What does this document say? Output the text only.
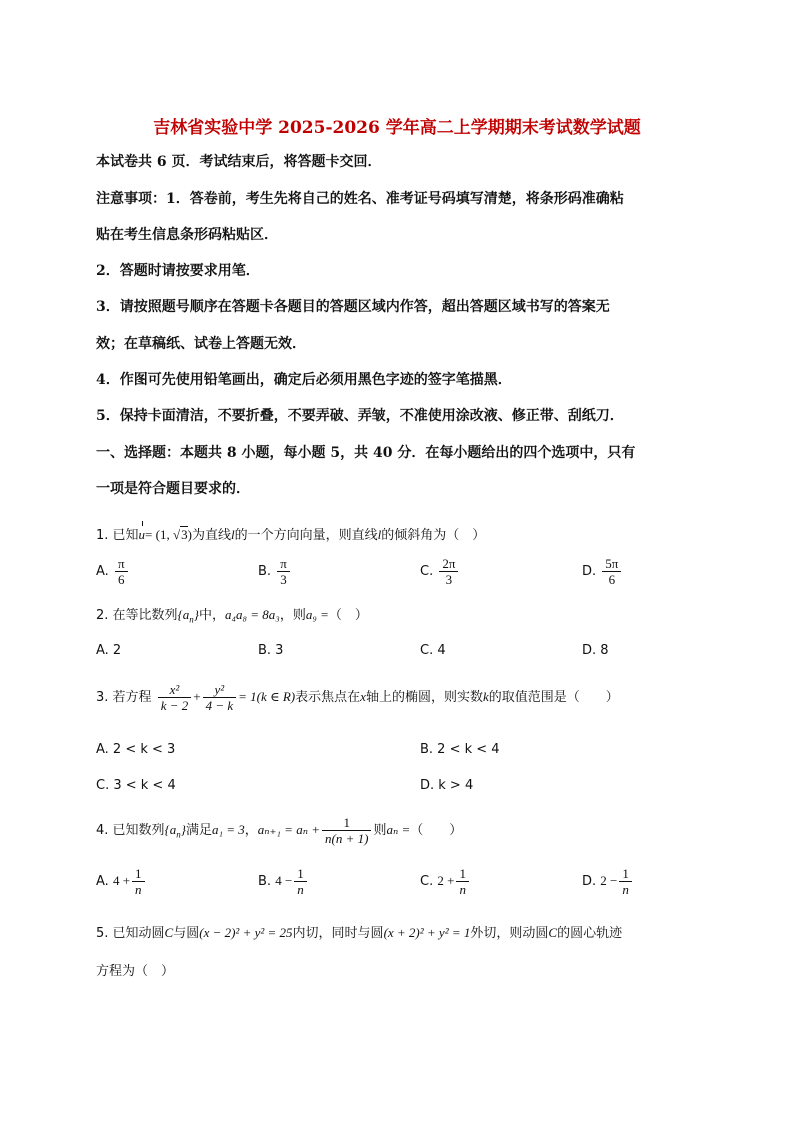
吉林省实验中学 2025-2026 学年高二上学期期末考试数学试题
本试卷共 6 页．考试结束后，将答题卡交回．
注意事项：1．答卷前，考生先将自己的姓名、准考证号码填写清楚，将条形码准确粘
贴在考生信息条形码粘贴区．
2．答题时请按要求用笔．
3．请按照题号顺序在答题卡各题目的答题区域内作答，超出答题区域书写的答案无
效；在草稿纸、试卷上答题无效．
4．作图可先使用铅笔画出，确定后必须用黑色字迹的签字笔描黑．
5．保持卡面清洁，不要折叠，不要弄破、弄皱，不准使用涂改液、修正带、刮纸刀．
一、选择题：本题共 8 小题，每小题 5，共 40 分．在每小题给出的四个选项中，只有
一项是符合题目要求的．
1. 已知u= (1, √3)为直线l的一个方向向量，则直线l的倾斜角为（　）
A. $\frac{\pi}{6}$	B. $\frac{\pi}{3}$	C. $\frac{2\pi}{3}$	D. $\frac{5\pi}{6}$
2. 在等比数列$\{a_n\}$中，a₄a₈ = 8a₃，则a₉ =（　）
A. 2	B. 3	C. 4	D. 8
3. 若方程 $\frac{\text{x²}}{k - 2} + \frac{\text{y²}}{4 - k} = 1(k$ ∈ R)表示焦点在x轴上的椭圆，则实数k的取值范围是（　　）
A. 2 < k < 3	B. 2 < k < 4
C. 3 < k < 4	D. k > 4
4. 已知数列$\{a_n\}$满足a₁ = 3，$a_{n+1} = a_n + \frac{1}{n(n + 1)}$ 则aₙ =（　　）
A. $4 + \frac{1}{n}$	B. $4 - \frac{1}{n}$	C. $2 + \frac{1}{n}$	D. $2 - \frac{1}{n}$
5. 已知动圆C与圆(x − 2)² + y² = 25内切，同时与圆(x + 2)² + y² = 1外切，则动圆C的圆心轨迹
方程为（　）
